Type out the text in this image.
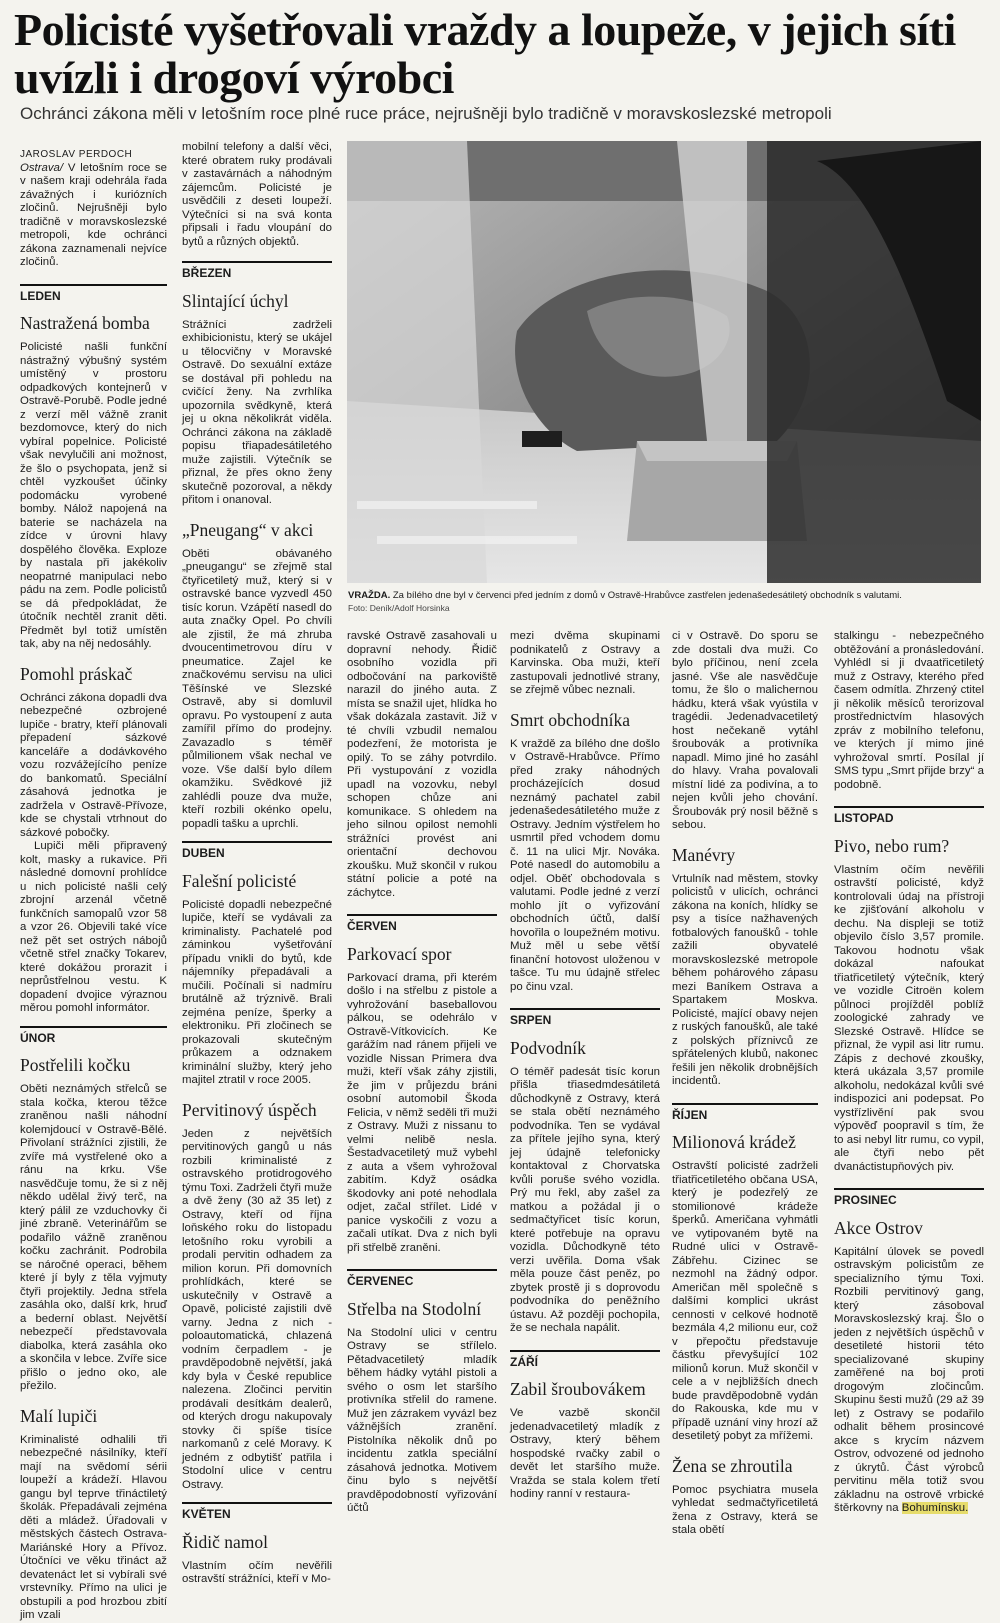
Policisté vyšetřovali vraždy a loupeže, v jejich síti uvízli i drogoví výrobci
Ochránci zákona měli v letošním roce plné ruce práce, nejrušněji bylo tradičně v moravskoslezské metropoli

JAROSLAV PERDOCH

Ostrava/ V letošním roce se v našem kraji odehrála řada závažných i kuriózních zločinů. Nejrušněji bylo tradičně v moravskoslezské metropoli, kde ochránci zákona zaznamenali nejvíce zločinů.

LEDEN
Nastražená bomba

Policisté našli funkční nástražný výbušný systém umístěný v prostoru odpadkových kontejnerů v Ostravě-Porubě. Podle jedné z verzí měl vážně zranit bezdomovce, který do nich vybíral popelnice. Policisté však nevylučili ani možnost, že šlo o psychopata, jenž si chtěl vyzkoušet účinky podomácku vyrobené bomby. Nálož napojená na baterie se nacházela na zídce v úrovni hlavy dospělého člověka. Exploze by nastala při jakékoliv neopatrné manipulaci nebo pádu na zem. Podle policistů se dá předpokládat, že útočník nechtěl zranit děti. Předmět byl totiž umístěn tak, aby na něj nedosáhly.

Pomohl práskač

Ochránci zákona dopadli dva nebezpečné ozbrojené lupiče - bratry, kteří plánovali přepadení sázkové kanceláře a dodávkového vozu rozvážejícího peníze do bankomatů. Speciální zásahová jednotka je zadržela v Ostravě-Přívoze, kde se chystali vtrhnout do sázkové pobočky.

Lupiči měli připravený kolt, masky a rukavice. Při následné domovní prohlídce u nich policisté našli celý zbrojní arzenál včetně funkčních samopalů vzor 58 a vzor 26. Objevili také více než pět set ostrých nábojů včetně střel značky Tokarev, které dokážou prorazit i neprůstřelnou vestu. K dopadení dvojice výraznou měrou pomohl informátor.

ÚNOR
Postřelili kočku

Oběti neznámých střelců se stala kočka, kterou těžce zraněnou našli náhodní kolemjdoucí v Ostravě-Bělé. Přivolaní strážníci zjistili, že zvíře má vystřelené oko a ránu na krku. Vše nasvědčuje tomu, že si z něj někdo udělal živý terč, na který pálil ze vzduchovky či jiné zbraně. Veterinářům se podařilo vážně zraněnou kočku zachránit. Podrobila se náročné operaci, během které jí byly z těla vyjmuty čtyři projektily. Jedna střela zasáhla oko, další krk, hruď a bederní oblast. Největší nebezpečí představovala diabolka, která zasáhla oko a skončila v lebce. Zvíře sice přišlo o jedno oko, ale přežilo.

Malí lupiči

Kriminalisté odhalili tři nebezpečné násilníky, kteří mají na svědomí sérii loupeží a krádeží. Hlavou gangu byl teprve třináctiletý školák. Přepadávali zejména děti a mládež. Úřadovali v městských částech Ostrava-Mariánské Hory a Přívoz. Útočníci ve věku třináct až devatenáct let si vybírali své vrstevníky. Přímo na ulici je obstupili a pod hrozbou zbití jim vzali

mobilní telefony a další věci, které obratem ruky prodávali v zastavárnách a náhodným zájemcům. Policisté je usvědčili z deseti loupeží. Výtečníci si na svá konta připsali i řadu vloupání do bytů a různých objektů.

BŘEZEN
Slintající úchyl

Strážníci zadrželi exhibicionistu, který se ukájel u tělocvičny v Moravské Ostravě. Do sexuální extáze se dostával při pohledu na cvičící ženy. Na zvrhlíka upozornila svědkyně, která jej u okna několikrát viděla. Ochránci zákona na základě popisu třiapadesátiletého muže zajistili. Výtečník se přiznal, že přes okno ženy skutečně pozoroval, a někdy přitom i onanoval.

„Pneugang“ v akci

Oběti obávaného „pneugangu“ se zřejmě stal čtyřicetiletý muž, který si v ostravské bance vyzvedl 450 tisíc korun. Vzápětí nasedl do auta značky Opel. Po chvíli ale zjistil, že má zhruba dvoucentimetrovou díru v pneumatice. Zajel ke značkovému servisu na ulici Těšínské ve Slezské Ostravě, aby si domluvil opravu. Po vystoupení z auta zamířil přímo do prodejny. Zavazadlo s téměř půlmilionem však nechal ve voze. Vše další bylo dílem okamžiku. Svědkové již zahlédli pouze dva muže, kteří rozbili okénko opelu, popadli tašku a uprchli.

DUBEN
Falešní policisté

Policisté dopadli nebezpečné lupiče, kteří se vydávali za kriminalisty. Pachatelé pod záminkou vyšetřování případu vnikli do bytů, kde nájemníky přepadávali a mučili. Počínali si nadmíru brutálně až trýznivě. Brali zejména peníze, šperky a elektroniku. Při zločinech se prokazovali skutečným průkazem a odznakem kriminální služby, který jeho majitel ztratil v roce 2005.

Pervitinový úspěch

Jeden z největších pervitinových gangů u nás rozbili kriminalisté z ostravského protidrogového týmu Toxi. Zadrželi čtyři muže a dvě ženy (30 až 35 let) z Ostravy, kteří od října loňského roku do listopadu letošního roku vyrobili a prodali pervitin odhadem za milion korun. Při domovních prohlídkách, které se uskutečnily v Ostravě a Opavě, policisté zajistili dvě varny. Jedna z nich - poloautomatická, chlazená vodním čerpadlem - je pravděpodobně největší, jaká kdy byla v České republice nalezena. Zločinci pervitin prodávali desítkám dealerů, od kterých drogu nakupovaly stovky či spíše tisíce narkomanů z celé Moravy. K jedném z odbytišť patřila i Stodolní ulice v centru Ostravy.

KVĚTEN
Řidič namol

Vlastním očím nevěřili ostravští strážníci, kteří v Mo-

VRAŽDA. Za bílého dne byl v červenci před jedním z domů v Ostravě-Hrabůvce zastřelen jedenašedesátiletý obchodník s valutami.
Foto: Deník/Adolf Horsinka

ravské Ostravě zasahovali u dopravní nehody. Řidič osobního vozidla při odbočování na parkoviště narazil do jiného auta. Z místa se snažil ujet, hlídka ho však dokázala zastavit. Již v té chvíli vzbudil nemalou podezření, že motorista je opilý. To se záhy potvrdilo. Při vystupování z vozidla upadl na vozovku, nebyl schopen chůze ani komunikace. S ohledem na jeho silnou opilost nemohli strážníci provést ani orientační dechovou zkoušku. Muž skončil v rukou státní policie a poté na záchytce.

ČERVEN
Parkovací spor

Parkovací drama, při kterém došlo i na střelbu z pistole a vyhrožování baseballovou pálkou, se odehrálo v Ostravě-Vítkovicích. Ke garážím nad ránem přijeli ve vozidle Nissan Primera dva muži, kteří však záhy zjistili, že jim v průjezdu bráni osobní automobil Škoda Felicia, v němž seděli tři muži z Ostravy. Muži z nissanu to velmi nelibě nesla. Šestadvacetiletý muž vybehl z auta a všem vyhrožoval zabitím. Když osádka škodovky ani poté nehodlala odjet, začal střílet. Lidé v panice vyskočili z vozu a začali utíkat. Dva z nich byli při střelbě zraněni.

ČERVENEC
Střelba na Stodolní

Na Stodolní ulici v centru Ostravy se střílelo. Pětadvacetiletý mladík během hádky vytáhl pistoli a svého o osm let staršího protivníka střelil do ramene. Muž jen zázrakem vyvázl bez vážnějších zranění. Pistolníka několik dnů po incidentu zatkla speciální zásahová jednotka. Motivem činu bylo s největší pravděpodobností vyřizování účtů

mezi dvěma skupinami podnikatelů z Ostravy a Karvinska. Oba muži, kteří zastupovali jednotlivé strany, se zřejmě vůbec neznali.

Smrt obchodníka

K vraždě za bílého dne došlo v Ostravě-Hrabůvce. Přímo před zraky náhodných procházejících dosud neznámý pachatel zabil jedenašedesátiletého muže z Ostravy. Jedním výstřelem ho usmrtil před vchodem domu č. 11 na ulici Mjr. Nováka. Poté nasedl do automobilu a odjel. Oběť obchodovala s valutami. Podle jedné z verzí mohlo jít o vyřizování obchodních účtů, další hovořila o loupežném motivu. Muž měl u sebe větší finanční hotovost uloženou v tašce. Tu mu údajně střelec po činu vzal.

SRPEN
Podvodník

O téměř padesát tisíc korun přišla třiasedmdesátiletá důchodkyně z Ostravy, která se stala obětí neznámého podvodníka. Ten se vydával za přítele jejího syna, který jej údajně telefonicky kontaktoval z Chorvatska kvůli poruše svého vozidla. Prý mu řekl, aby zašel za matkou a požádal ji o sedmačtyřicet tisíc korun, které potřebuje na opravu vozidla. Důchodkyně této verzi uvěřila. Doma však měla pouze část peněz, po zbytek prostě ji s doprovodu podvodníka do peněžního ústavu. Až později pochopila, že se nechala napálit.

ZÁŘÍ
Zabil šroubovákem

Ve vazbě skončil jedenadvacetiletý mladík z Ostravy, který během hospodské rvačky zabil o devět let staršího muže. Vražda se stala kolem třetí hodiny ranní v restaura-

ci v Ostravě. Do sporu se zde dostali dva muži. Co bylo příčinou, není zcela jasné. Vše ale nasvědčuje tomu, že šlo o malichernou hádku, která však vyústila v tragédii. Jedenadvacetiletý host nečekaně vytáhl šroubovák a protivníka napadl. Mimo jiné ho zasáhl do hlavy. Vraha povalovali místní lidé za podivína, a to nejen kvůli jeho chování. Šroubovák prý nosil běžně s sebou.

Manévry

Vrtulník nad městem, stovky policistů v ulicích, ochránci zákona na koních, hlídky se psy a tisíce nažhavených fotbalových fanoušků - tohle zažili obyvatelé moravskoslezské metropole během pohárového zápasu mezi Baníkem Ostrava a Spartakem Moskva. Policisté, mající obavy nejen z ruských fanoušků, ale také z polských příznivců ze spřátelených klubů, nakonec řešili jen několik drobnějších incidentů.

ŘÍJEN
Milionová krádež

Ostravští policisté zadrželi třiatřicetiletého občana USA, který je podezřelý ze stomilionové krádeže šperků. Američana vyhmátli ve vytipovaném bytě na Rudné ulici v Ostravě-Zábřehu. Cizinec se nezmohl na žádný odpor. Američan měl společně s dalšími komplici ukrást cennosti v celkové hodnotě bezmála 4,2 milionu eur, což v přepočtu představuje částku převyšující 102 milionů korun. Muž skončil v cele a v nejbližších dnech bude pravděpodobně vydán do Rakouska, kde mu v případě uznání viny hrozí až desetiletý pobyt za mřížemi.

Žena se zhroutila

Pomoc psychiatra musela vyhledat sedmačtyřicetiletá žena z Ostravy, která se stala obětí

stalkingu - nebezpečného obtěžování a pronásledování. Vyhlédl si ji dvaatřicetiletý muž z Ostravy, kterého před časem odmítla. Zhrzený ctitel ji několik měsíců terorizoval prostřednictvím hlasových zpráv z mobilního telefonu, ve kterých jí mimo jiné vyhrožoval smrtí. Posílal jí SMS typu „Smrt přijde brzy“ a podobně.

LISTOPAD
Pivo, nebo rum?

Vlastním očím nevěřili ostravští policisté, když kontrolovali údaj na přístroji ke zjišťování alkoholu v dechu. Na displeji se totiž objevilo číslo 3,57 promile. Takovou hodnotu však dokázal nafoukat třiatřicetiletý výtečník, který ve vozidle Citroën kolem půlnoci projížděl poblíž zoologické zahrady ve Slezské Ostravě. Hlídce se přiznal, že vypil asi litr rumu. Zápis z dechové zkoušky, která ukázala 3,57 promile alkoholu, nedokázal kvůli své indispozici ani podepsat. Po vystřízlivění pak svou výpověď poopravil s tím, že to asi nebyl litr rumu, co vypil, ale čtyři nebo pět dvanáctistupňových piv.

PROSINEC
Akce Ostrov

Kapitální úlovek se povedl ostravským policistům ze specializního týmu Toxi. Rozbili pervitinový gang, který zásoboval Moravskoslezský kraj. Šlo o jeden z největších úspěchů v desetileté historii této specializované skupiny zaměřené na boj proti drogovým zločincům. Skupinu šesti mužů (29 až 39 let) z Ostravy se podařilo odhalit během prosincové akce s krycím názvem Ostrov, odvozené od jednoho z úkrytů. Část výrobců pervitinu měla totiž svou základnu na ostrově vrbické štěrkovny na Bohumínsku.
